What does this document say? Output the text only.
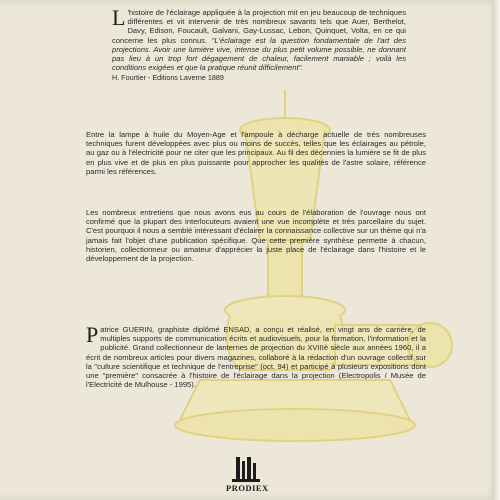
L 'histoire de l'éclairage appliquée à la projection mit en jeu beaucoup de techniques différentes et vit intervenir de très nombreux savants tels que Auer, Berthelot, Davy, Edison, Foucault, Galvani, Gay-Lussac, Lebon, Quinquet, Volta, en ce qui concerne les plus connus. "L'éclairage est la question fondamentale de l'art des projections. Avoir une lumière vive, intense du plus petit volume possible, ne donnant pas lieu à un trop fort dégagement de chaleur, facilement maniable ; voilà les conditions exigées et que la pratique réunit difficilement".
H. Fourtier - Editions Laverne 1889
Entre la lampe à huile du Moyen-Age et l'ampoule à décharge actuelle de très nombreuses techniques furent développées avec plus ou moins de succès, telles que les éclairages au pétrole, au gaz ou à l'électricité pour ne citer que les principaux. Au fil des décennies la lumière se fit de plus en plus vive et de plus en plus puissante pour approcher les qualités de l'astre solaire, référence parmi les références.
Les nombreux entretiens que nous avons eus au cours de l'élaboration de l'ouvrage nous ont confirmé que la plupart des interlocuteurs avaient une vue incomplète et très parcellaire du sujet. C'est pourquoi il nous a semblé intéressant d'éclairer la connaissance collective sur un thème qui n'a jamais fait l'objet d'une publication spécifique. Que cette première synthèse permette à chacun, historien, collectionneur ou amateur d'apprécier la juste place de l'éclairage dans l'histoire et le développement de la projection.
P atrice GUERIN, graphiste diplômé ENSAD, a conçu et réalisé, en vingt ans de carrière, de multiples supports de communication écrits et audiovisuels, pour la formation, l'information et la publicité. Grand collectionneur de lanternes de projection du XVIIIè siècle aux années 1960, il a écrit de nombreux articles pour divers magazines, collaboré à la rédaction d'un ouvrage collectif sur la "culture scientifique et technique de l'entreprise" (oct. 94) et participé à plusieurs expositions dont une "première" consacrée à l'histoire de l'éclairage dans la projection (Electropolis / Musée de l'Electricité de Mulhouse - 1995).
PRODIEX
